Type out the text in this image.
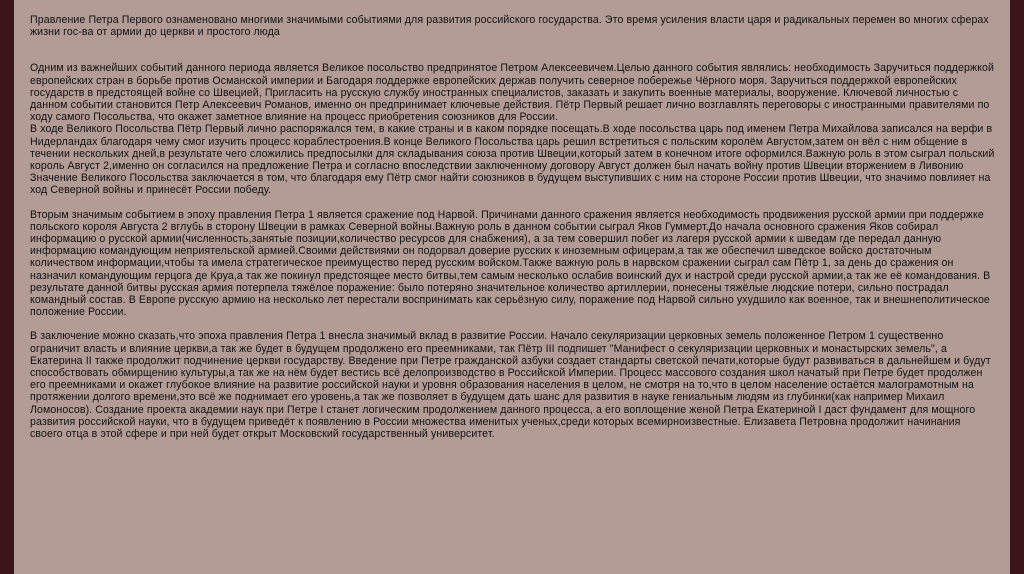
Правление Петра Первого ознаменовано многими значимыми событиями для развития российского государства. Это время усиления власти царя и радикальных перемен во многих сферах жизни гос-ва от армии до церкви и простого люда

Одним из важнейших событий данного периода является Великое посольство предпринятое Петром Алексеевичем.Целью данного события являлись: необходимость Заручиться поддержкой европейских стран в борьбе против Османской империи и Багодаря поддержке европейских держав получить северное побережье Чёрного моря. Заручиться поддержкой европейских государств в предстоящей войне со Швецией, Пригласить на русскую службу иностранных специалистов, заказать и закупить военные материалы, вооружение. Ключевой личностью с данном событии становится Петр Алексеевич Романов, именно он предпринимает ключевые действия. Пётр Первый решает лично возглавлять переговоры с иностранными правителями по ходу самого Посольства, что окажет заметное влияние на процесс приобретения союзников для России.

В ходе Великого Посольства Пётр Первый лично распоряжался тем, в какие страны и в каком порядке посещать.В ходе посольства царь под именем Петра Михайлова записался на верфи в Нидерландах благодаря чему смог изучить процесс кораблестроения.В конце Великого Посольства царь решил встретиться с польским королём Августом,затем он вёл с ним общение в течении нескольких дней,в результате чего сложились предпосылки для складывания союза против Швеции,который затем в конечном итоге оформился.Важную роль в этом сыграл польский король Август 2,именно он согласился на предложение Петра и согласно впоследствии заключенному договору Август должен был начать войну против Швеции вторжением в Ливонию

Значение Великого Посольства заключается в том, что благодаря ему Пётр смог найти союзников в будущем выступивших с ним на стороне России против Швеции, что значимо повлияет на ход Северной войны и принесёт России победу.

Вторым значимым событием в эпоху правления Петра 1 является сражение под Нарвой. Причинами данного сражения является необходимость продвижения русской армии при поддержке польского короля Августа 2 вглубь в сторону Швеции в рамках Северной войны.Важную роль в данном событии сыграл Яков Гуммерт.До начала основного сражения Яков собирал информацию о русской армии(численность,занятые позиции,количество ресурсов для снабжения), а за тем совершил побег из лагеря русской армии к шведам где передал данную информацию командующим неприятельской армией.Своими действиями он подорвал доверие русских к иноземным офицерам,а так же обеспечил шведское войско достаточным количеством информации,чтобы та имела стратегическое преимущество перед русским войском.Также важную роль в нарвском сражении сыграл сам Пётр 1, за день до сражения он назначил командующим герцога де Круа,а так же покинул предстоящее место битвы,тем самым несколько ослабив воинский дух и настрой среди русской армии,а так же её командования. В результате данной битвы русская армия потерпела тяжёлое поражение: было потеряно значительное количество артиллерии, понесены тяжёлые людские потери, сильно пострадал командный состав. В Европе русскую армию на несколько лет перестали воспринимать как серьёзную силу, поражение под Нарвой сильно ухудшило как военное, так и внешнеполитическое положение России.

В заключение можно сказать,что эпоха правления Петра 1 внесла значимый вклад в развитие России. Начало секуляризации церковных земель положенное Петром 1 существенно ограничит власть и влияние церкви,а так же будет в будущем продолжено его преемниками, так Пётр III подпишет "Манифест о секуляризации церковных и монастырских земель", а Екатерина II также продолжит подчинение церкви государству. Введение при Петре гражданской азбуки создает стандарты светской печати,которые будут развиваться в дальнейшем и будут способствовать обмирщению культуры,а так же на нём будет вестись всё делопроизводство в Российской Империи. Процесс массового создания школ начатый при Петре будет продолжен его преемниками и окажет глубокое влияние на развитие российской науки и уровня образования населения в целом, не смотря на то,что в целом население остаётся малограмотным на протяжении долгого времени,это всё же поднимает его уровень,а так же позволяет в будущем дать шанс для развития в науке гениальным людям из глубинки(как например Михаил Ломоносов). Создание проекта академии наук при Петре I станет логическим продолжением данного процесса, а его воплощение женой Петра Екатериной I даст фундамент для мощного развития российской науки, что в будущем приведёт к появлению в России множества именитых ученых,среди которых всемирноизвестные. Елизавета Петровна продолжит начинания своего отца в этой сфере и при ней будет открыт Московский государственный университет.
